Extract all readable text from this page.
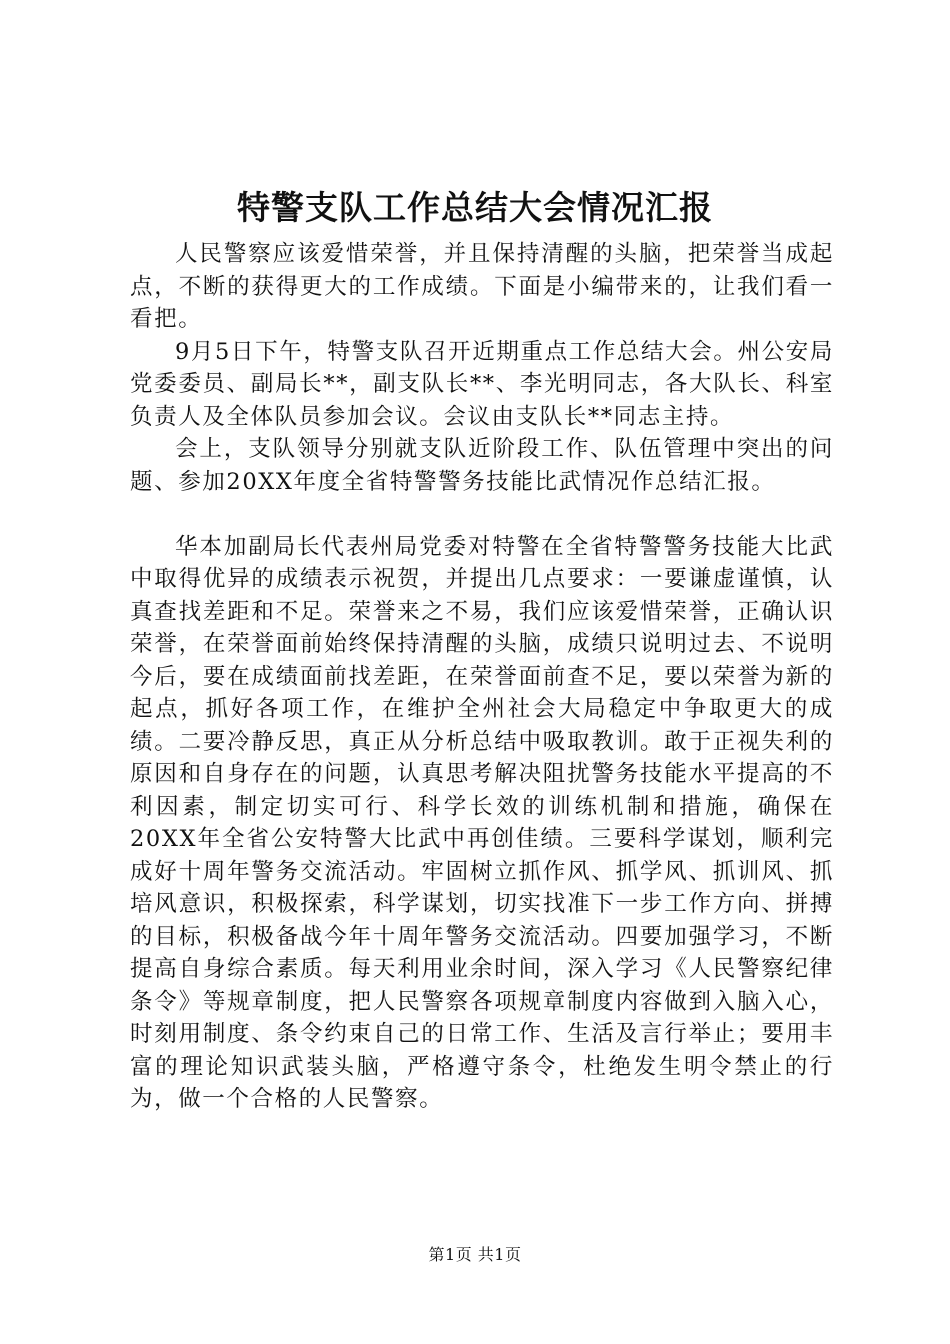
特警支队工作总结大会情况汇报

人民警察应该爱惜荣誉，并且保持清醒的头脑，把荣誉当成起点，不断的获得更大的工作成绩。下面是小编带来的，让我们看一看把。

9月5日下午，特警支队召开近期重点工作总结大会。州公安局党委委员、副局长**，副支队长**、李光明同志，各大队长、科室负责人及全体队员参加会议。会议由支队长**同志主持。

会上，支队领导分别就支队近阶段工作、队伍管理中突出的问题、参加20XX年度全省特警警务技能比武情况作总结汇报。

华本加副局长代表州局党委对特警在全省特警警务技能大比武中取得优异的成绩表示祝贺，并提出几点要求：一要谦虚谨慎，认真查找差距和不足。荣誉来之不易，我们应该爱惜荣誉，正确认识荣誉，在荣誉面前始终保持清醒的头脑，成绩只说明过去、不说明今后，要在成绩面前找差距，在荣誉面前查不足，要以荣誉为新的起点，抓好各项工作，在维护全州社会大局稳定中争取更大的成绩。二要冷静反思，真正从分析总结中吸取教训。敢于正视失利的原因和自身存在的问题，认真思考解决阻扰警务技能水平提高的不利因素，制定切实可行、科学长效的训练机制和措施，确保在20XX年全省公安特警大比武中再创佳绩。三要科学谋划，顺利完成好十周年警务交流活动。牢固树立抓作风、抓学风、抓训风、抓培风意识，积极探索，科学谋划，切实找准下一步工作方向、拼搏的目标，积极备战今年十周年警务交流活动。四要加强学习，不断提高自身综合素质。每天利用业余时间，深入学习《人民警察纪律条令》等规章制度，把人民警察各项规章制度内容做到入脑入心，时刻用制度、条令约束自己的日常工作、生活及言行举止；要用丰富的理论知识武装头脑，严格遵守条令，杜绝发生明令禁止的行为，做一个合格的人民警察。

第1页 共1页
